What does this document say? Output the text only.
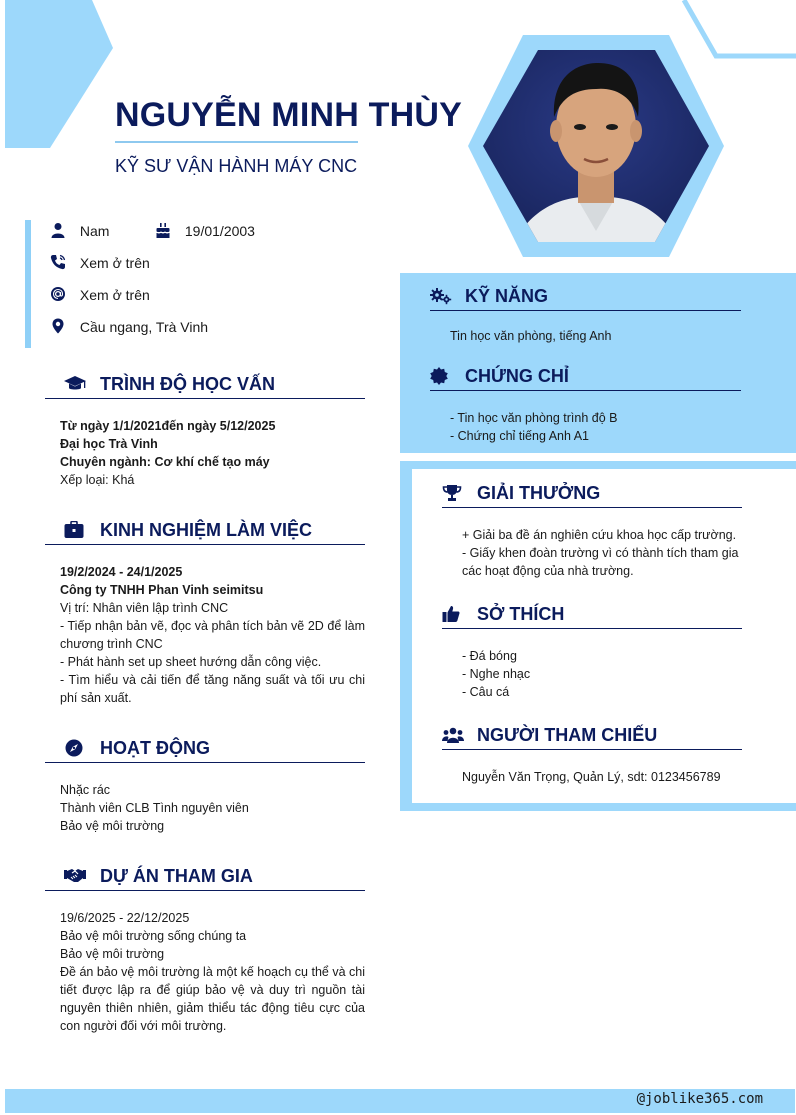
NGUYỄN MINH THÙY
KỸ SƯ VẬN HÀNH MÁY CNC
Nam	19/01/2003
Xem ở trên
Xem ở trên
Cầu ngang, Trà Vinh
TRÌNH ĐỘ HỌC VẤN
Từ ngày 1/1/2021đến ngày 5/12/2025
Đại học Trà Vinh
Chuyên ngành: Cơ khí chế tạo máy
Xếp loại: Khá
KINH NGHIỆM LÀM VIỆC
19/2/2024 - 24/1/2025
Công ty TNHH Phan Vinh seimitsu
Vị trí: Nhân viên lập trình CNC
- Tiếp nhận bản vẽ, đọc và phân tích bản vẽ 2D để làm chương trình CNC
- Phát hành set up sheet hướng dẫn công việc.
- Tìm hiểu và cải tiến để tăng năng suất và tối ưu chi phí sản xuất.
HOẠT ĐỘNG
Nhặc rác
Thành viên CLB Tình nguyên viên
Bảo vệ môi trường
DỰ ÁN THAM GIA
19/6/2025 - 22/12/2025
Bảo vệ môi trường sống chúng ta
Bảo vệ môi trường
Đề án bảo vệ môi trường là một kế hoạch cụ thể và chi tiết được lập ra để giúp bảo vệ và duy trì nguồn tài nguyên thiên nhiên, giảm thiểu tác động tiêu cực của con người đối với môi trường.
KỸ NĂNG
Tin học văn phòng, tiếng Anh
CHỨNG CHỈ
- Tin học văn phòng trình độ B
- Chứng chỉ tiếng Anh A1
GIẢI THƯỞNG
+ Giải ba đề án nghiên cứu khoa học cấp trường.
- Giấy khen đoàn trường vì có thành tích tham gia các hoạt động của nhà trường.
SỞ THÍCH
- Đá bóng
- Nghe nhạc
- Câu cá
NGƯỜI THAM CHIẾU
Nguyễn Văn Trọng, Quản Lý, sdt: 0123456789
@joblike365.com
